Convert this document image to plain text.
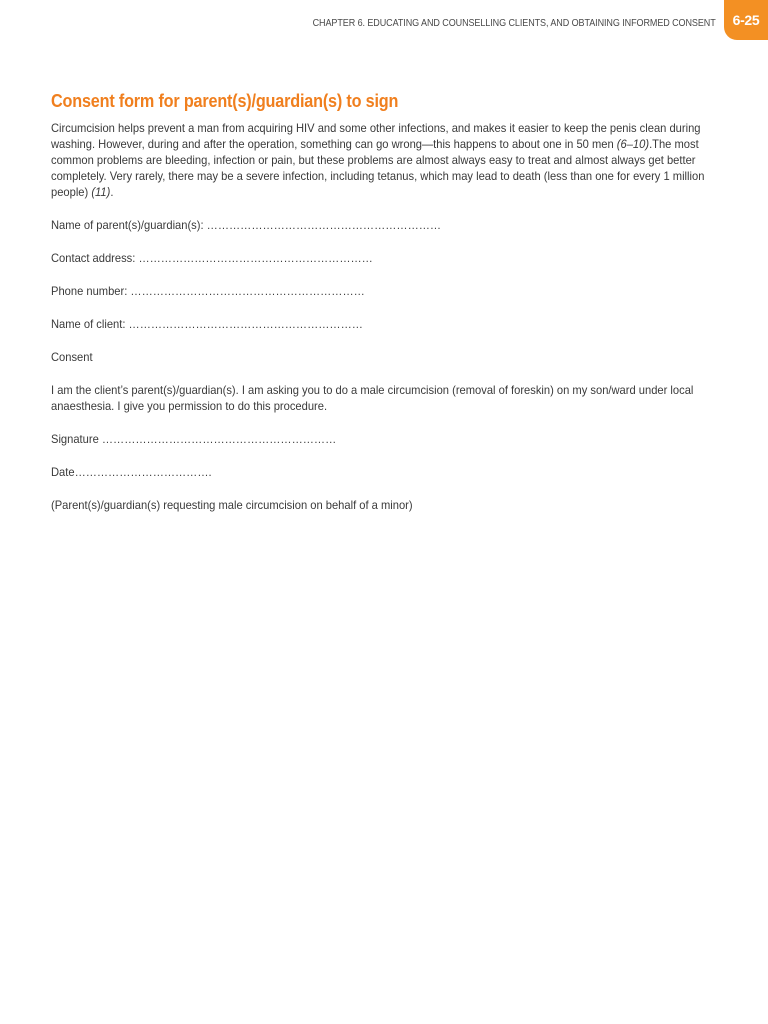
CHAPTER 6. EDUCATING AND COUNSELLING CLIENTS, AND OBTAINING INFORMED CONSENT 6-25
Consent form for parent(s)/guardian(s) to sign

Circumcision helps prevent a man from acquiring HIV and some other infections, and makes it easier to keep the penis clean during washing. However, during and after the operation, something can go wrong—this happens to about one in 50 men (6–10).The most common problems are bleeding, infection or pain, but these problems are almost always easy to treat and almost always get better completely. Very rarely, there may be a severe infection, including tetanus, which may lead to death (less than one for every 1 million people) (11).

Name of parent(s)/guardian(s): ………………………………………………………

Contact address: ………………………………………………………

Phone number: ………………………………………………………

Name of client: ………………………………………………………

Consent

I am the client’s parent(s)/guardian(s). I am asking you to do a male circumcision (removal of foreskin) on my son/ward under local anaesthesia. I give you permission to do this procedure.

Signature ………………………………………………………

Date……………………………….

(Parent(s)/guardian(s) requesting male circumcision on behalf of a minor)
